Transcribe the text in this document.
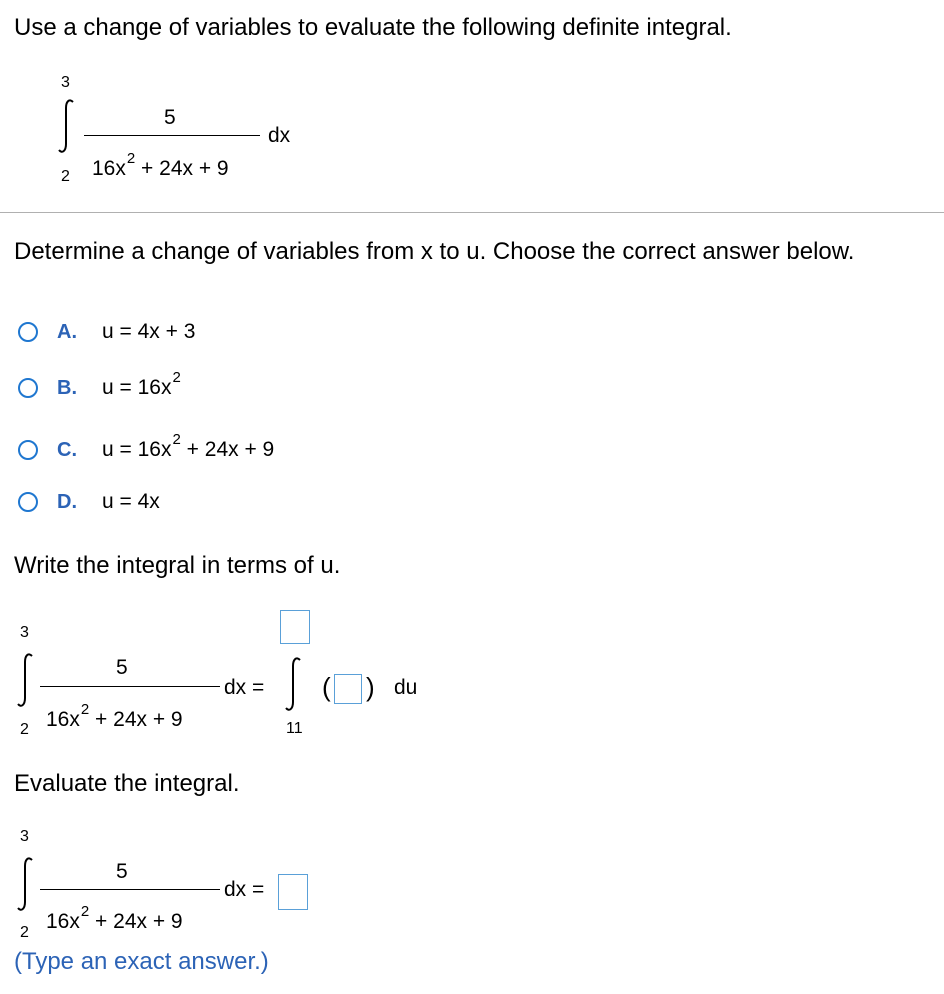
Use a change of variables to evaluate the following definite integral.
3
2
5
$16x^2 + 24x + 9$
dx
Determine a change of variables from x to u. Choose the correct answer below.
A. u = 4x + 3
B. $u = 16x^2$
C. $u = 16x^2 + 24x + 9$
D. u = 4x
Write the integral in terms of u.
3
2
5
$16x^2 + 24x + 9$
dx =
11
( ) du
Evaluate the integral.
3
2
5
$16x^2 + 24x + 9$
dx =
(Type an exact answer.)
